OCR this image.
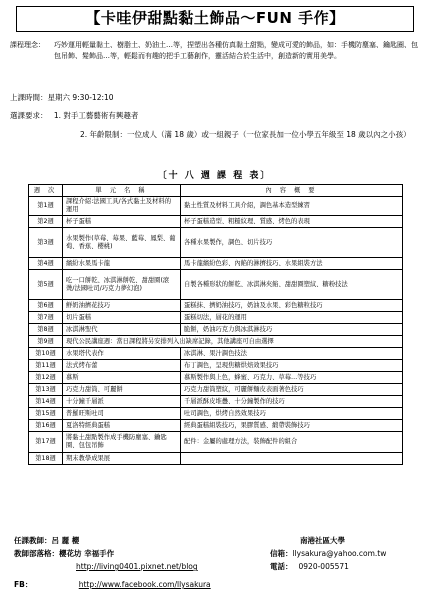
【卡哇伊甜點黏土飾品～FUN 手作】
課程理念：	巧妙運用輕量黏土、樹脂土、奶油土…等，捏塑出各種仿真黏土甜點，變成可愛的飾品，如：手機防塵塞、鑰匙圈、包包吊飾、髮飾品…等，輕鬆而有趣的把手工藝創作，靈活結合於生活中，創造新的實用美學。
上課時間：星期六 9:30-12:10
選課要求： 1. 對手工藝藝術有興趣者
2. 年齡限制：一位成人（滿 18 歲）或一組親子（一位家長加一位小學五年級至 18 歲以內之小孩）
〔十 八 週 課 程 表〕
週 次	單 元 名 稱	內 容 概 要
第1週	課程介紹:法國工具/各式黏土及材料的運用	黏土性質及材料工具介紹，調色基本造型練習
第2週	杯子蛋糕	杯子蛋糕造型、粗糙紋理、質感、烤色的表現
第3週	水果製作(草莓、莓果、藍莓、鳳梨、葡萄、香蕉、櫻桃)	各種水果製作，調色、切片技巧
第4週	繽紛水果馬卡龍	馬卡龍繽紛色彩、內餡的淋擠技巧、水果組裝方法
第5週	吃一口餅乾、冰淇淋餅乾、甜甜圈(滾燙/法國吐司/巧克力夢幻泡)	自製各種形狀的餅乾、冰淇淋夾餡、甜甜圈塑紋、糖粉技法
第6週	鮮奶油擠花技巧	蛋糕抹、擠奶油技巧，奶油及水果、彩色糖粒技巧
第7週	切片蛋糕	蛋糕切法，層花的運用
第8週	冰淇淋聖代	脆餅，奶油巧克力與冰淇淋技巧
第9週	現代公民講座週：當日課程將另安排列入出缺席記錄，其他講座可自由選擇	
第10週	水果塔代表作	冰淇淋、果汁調色技法
第11週	法式烤布蕾	布丁調色，呈現焦糖烘焙效果技巧
第12週	慕斯	慕斯製作與上色，蜂蜜、巧克力、草莓…等技巧
第13週	巧克力甜筒、可麗餅	巧克力甜筒塑紋，可麗餅麵皮表面著色技巧
第14週	十分鐘千層派	千層派酥皮堆疊、十分鐘製作的技巧
第15週	普羅旺斯吐司	吐司調色，烘烤自然效果技巧
第16週	夏洛特經典蛋糕	經典蛋糕組裝技巧，果膠質感、緞帶裝飾技巧
第17週	將黏土甜點製作成手機防塵塞、鑰匙圈、包包吊飾	配件：金屬的處理方法，裝飾配件的組合
第18週	期末教學成果展	
任課教師：呂 麗 櫻	南港社區大學
教師部落格：櫻花坊 幸福手作	信箱：llysakura@yahoo.com.tw
http://living0401.pixnet.net/blog	電話： 0920-005571
FB：	http://www.facebook.com/llysakura
